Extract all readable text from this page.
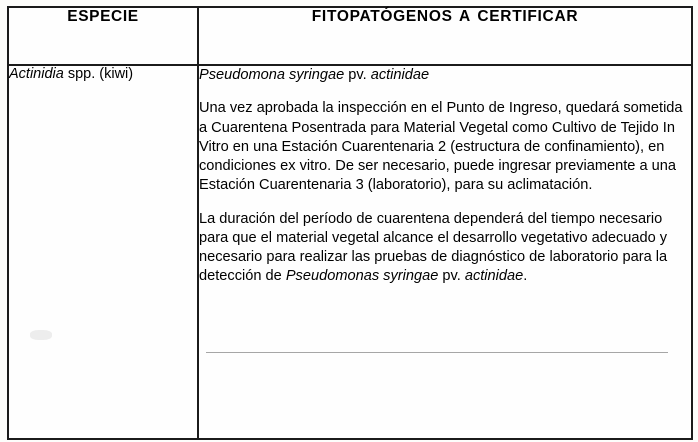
ESPECIE	FITOPATÓGENOS A CERTIFICAR
Actinidia spp. (kiwi)	Pseudomona syringae pv. actinidae

Una vez aprobada la inspección en el Punto de Ingreso, quedará sometida a Cuarentena Posentrada para Material Vegetal como Cultivo de Tejido In Vitro en una Estación Cuarentenaria 2 (estructura de confinamiento), en condiciones ex vitro. De ser necesario, puede ingresar previamente a una Estación Cuarentenaria 3 (laboratorio), para su aclimatación.

La duración del período de cuarentena dependerá del tiempo necesario para que el material vegetal alcance el desarrollo vegetativo adecuado y necesario para realizar las pruebas de diagnóstico de laboratorio para la detección de Pseudomonas syringae pv. actinidae.
